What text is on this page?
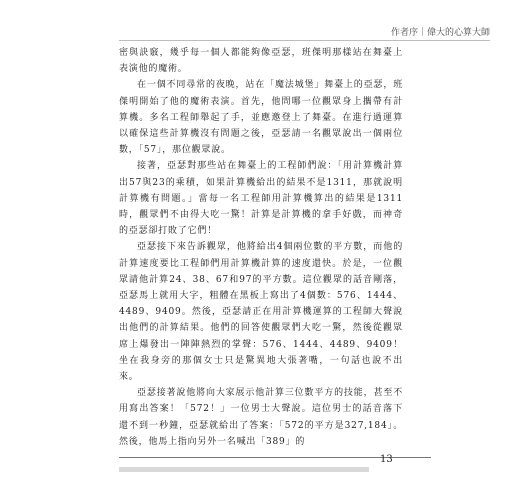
作者序｜偉大的心算大師

密與訣竅，幾乎每一個人都能夠像亞瑟，班傑明那樣站在舞臺上表演他的魔術。

在一個不同尋常的夜晚，站在「魔法城堡」舞臺上的亞瑟，班傑明開始了他的魔術表演。首先，他問哪一位觀眾身上攜帶有計算機。多名工程師舉起了手，並應邀登上了舞臺。在進行過運算以確保這些計算機沒有問題之後，亞瑟請一名觀眾說出一個兩位數，「57」，那位觀眾說。

接著，亞瑟對那些站在舞臺上的工程師們說：「用計算機計算出57與23的乘積，如果計算機給出的結果不是1311，那就說明計算機有問題。」當每一名工程師用計算機算出的結果是1311時，觀眾們不由得大吃一驚！計算是計算機的拿手好戲，而神奇的亞瑟卻打敗了它們！

亞瑟接下來告訴觀眾，他將給出4個兩位數的平方數，而他的計算速度要比工程師們用計算機計算的速度還快。於是，一位觀眾請他計算24、38、67和97的平方數。這位觀眾的話音剛落，亞瑟馬上就用大字，粗體在黑板上寫出了4個數：576、1444、4489、9409。然後，亞瑟請正在用計算機運算的工程師大聲說出他們的計算結果。他們的回答使觀眾們大吃一驚，然後從觀眾席上爆發出一陣陣熱烈的掌聲：576、1444、4489、9409！坐在我身旁的那個女士只是驚異地大張著嘴，一句話也說不出來。

亞瑟接著說他將向大家展示他計算三位數平方的技能，甚至不用寫出答案！「572！」一位男士大聲說。這位男士的話音落下還不到一秒鐘，亞瑟就給出了答案：「572的平方是327,184」。然後，他馬上指向另外一名喊出「389」的

13
